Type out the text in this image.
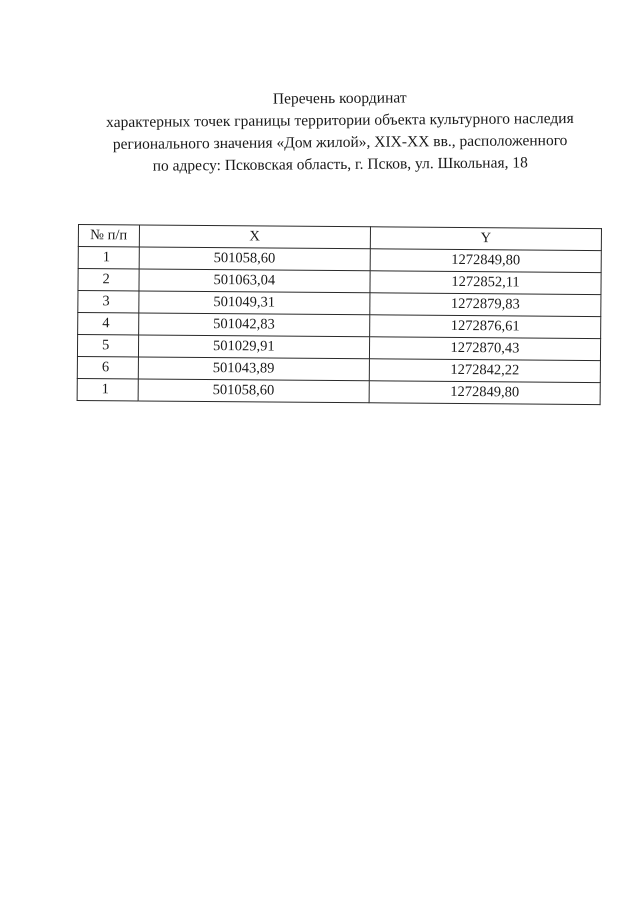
Перечень координат
характерных точек границы территории объекта культурного наследия
регионального значения «Дом жилой», XIX-XX вв., расположенного
по адресу: Псковская область, г. Псков, ул. Школьная, 18
№ п/п	X	Y
1	501058,60	1272849,80
2	501063,04	1272852,11
3	501049,31	1272879,83
4	501042,83	1272876,61
5	501029,91	1272870,43
6	501043,89	1272842,22
1	501058,60	1272849,80
